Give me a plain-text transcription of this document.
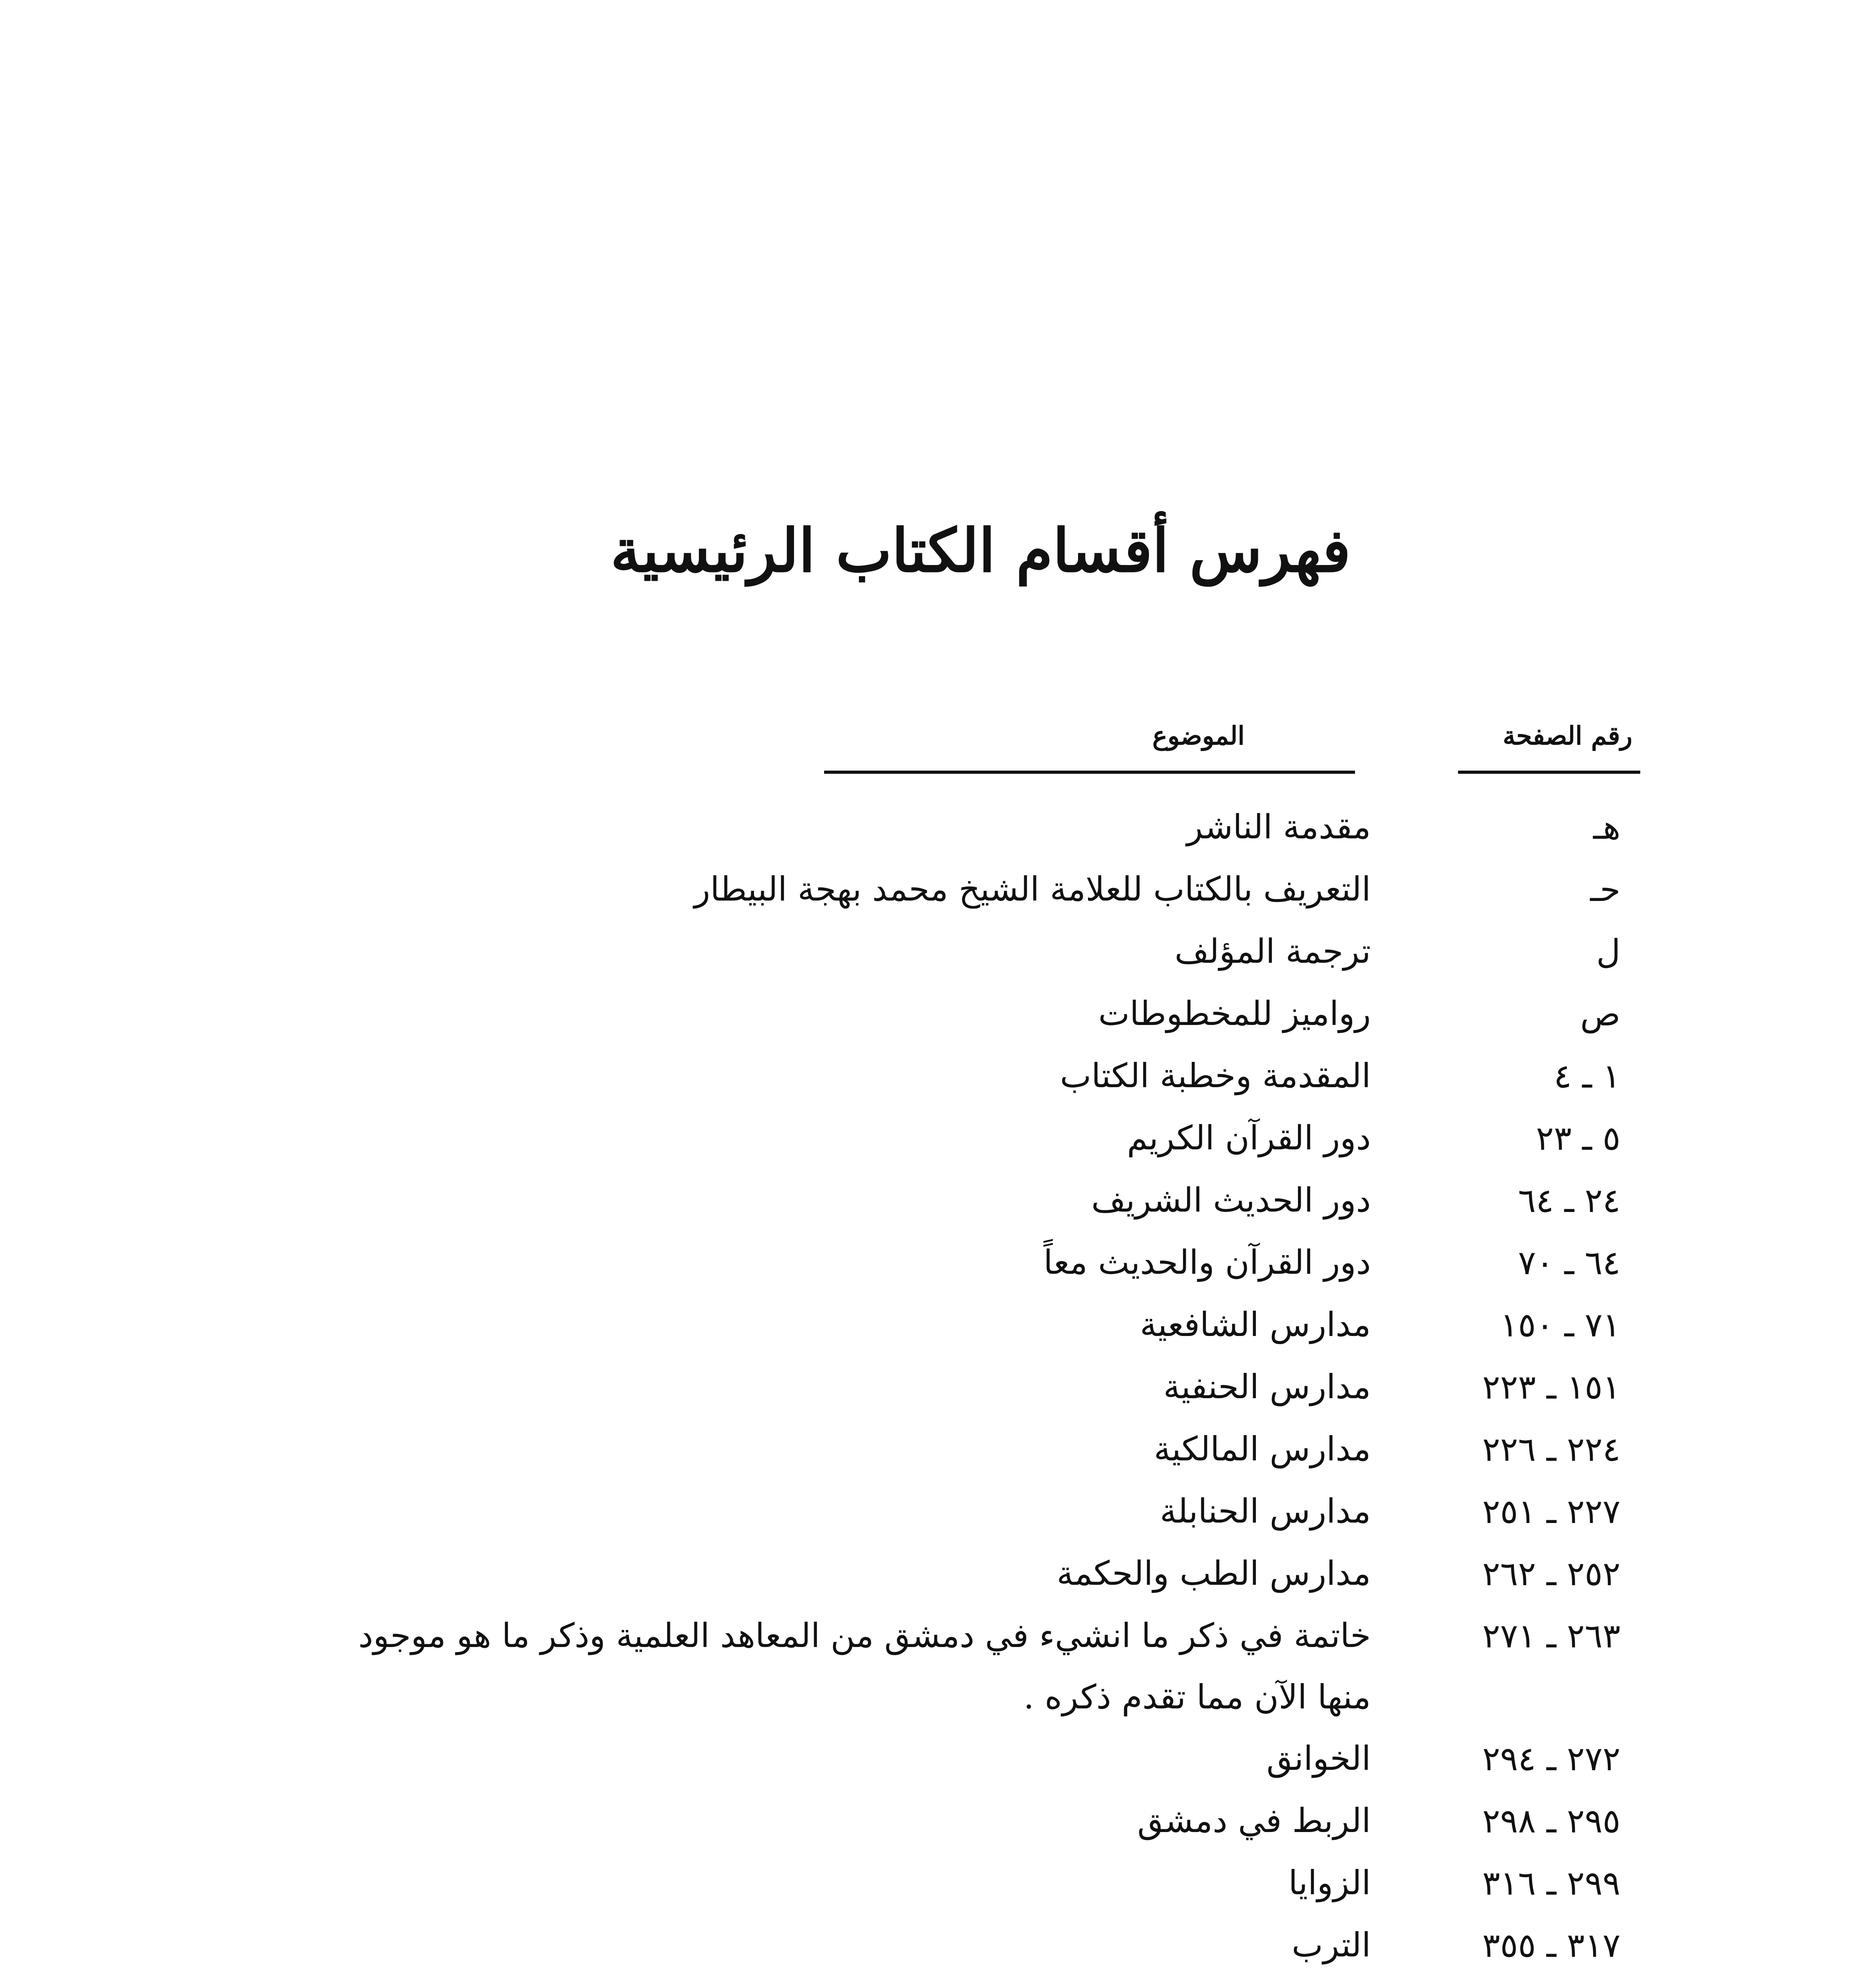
فهرس أقسام الكتاب الرئيسية
رقم الصفحة
الموضوع
هـ
مقدمة الناشر
حـ
التعريف بالكتاب للعلامة الشيخ محمد بهجة البيطار
ل
ترجمة المؤلف
ص
رواميز للمخطوطات
١ ـ ٤
المقدمة وخطبة الكتاب
٥ ـ ٢٣
دور القرآن الكريم
٢٤ ـ ٦٤
دور الحديث الشريف
٦٤ ـ ٧٠
دور القرآن والحديث معاً
٧١ ـ ١٥٠
مدارس الشافعية
١٥١ ـ ٢٢٣
مدارس الحنفية
٢٢٤ ـ ٢٢٦
مدارس المالكية
٢٢٧ ـ ٢٥١
مدارس الحنابلة
٢٥٢ ـ ٢٦٢
مدارس الطب والحكمة
٢٦٣ ـ ٢٧١
خاتمة في ذكر ما انشيء في دمشق من المعاهد العلمية وذكر ما هو موجود منها الآن مما تقدم ذكره .
٢٧٢ ـ ٢٩٤
الخوانق
٢٩٥ ـ ٢٩٨
الربط في دمشق
٢٩٩ ـ ٣١٦
الزوايا
٣١٧ ـ ٣٥٥
الترب
